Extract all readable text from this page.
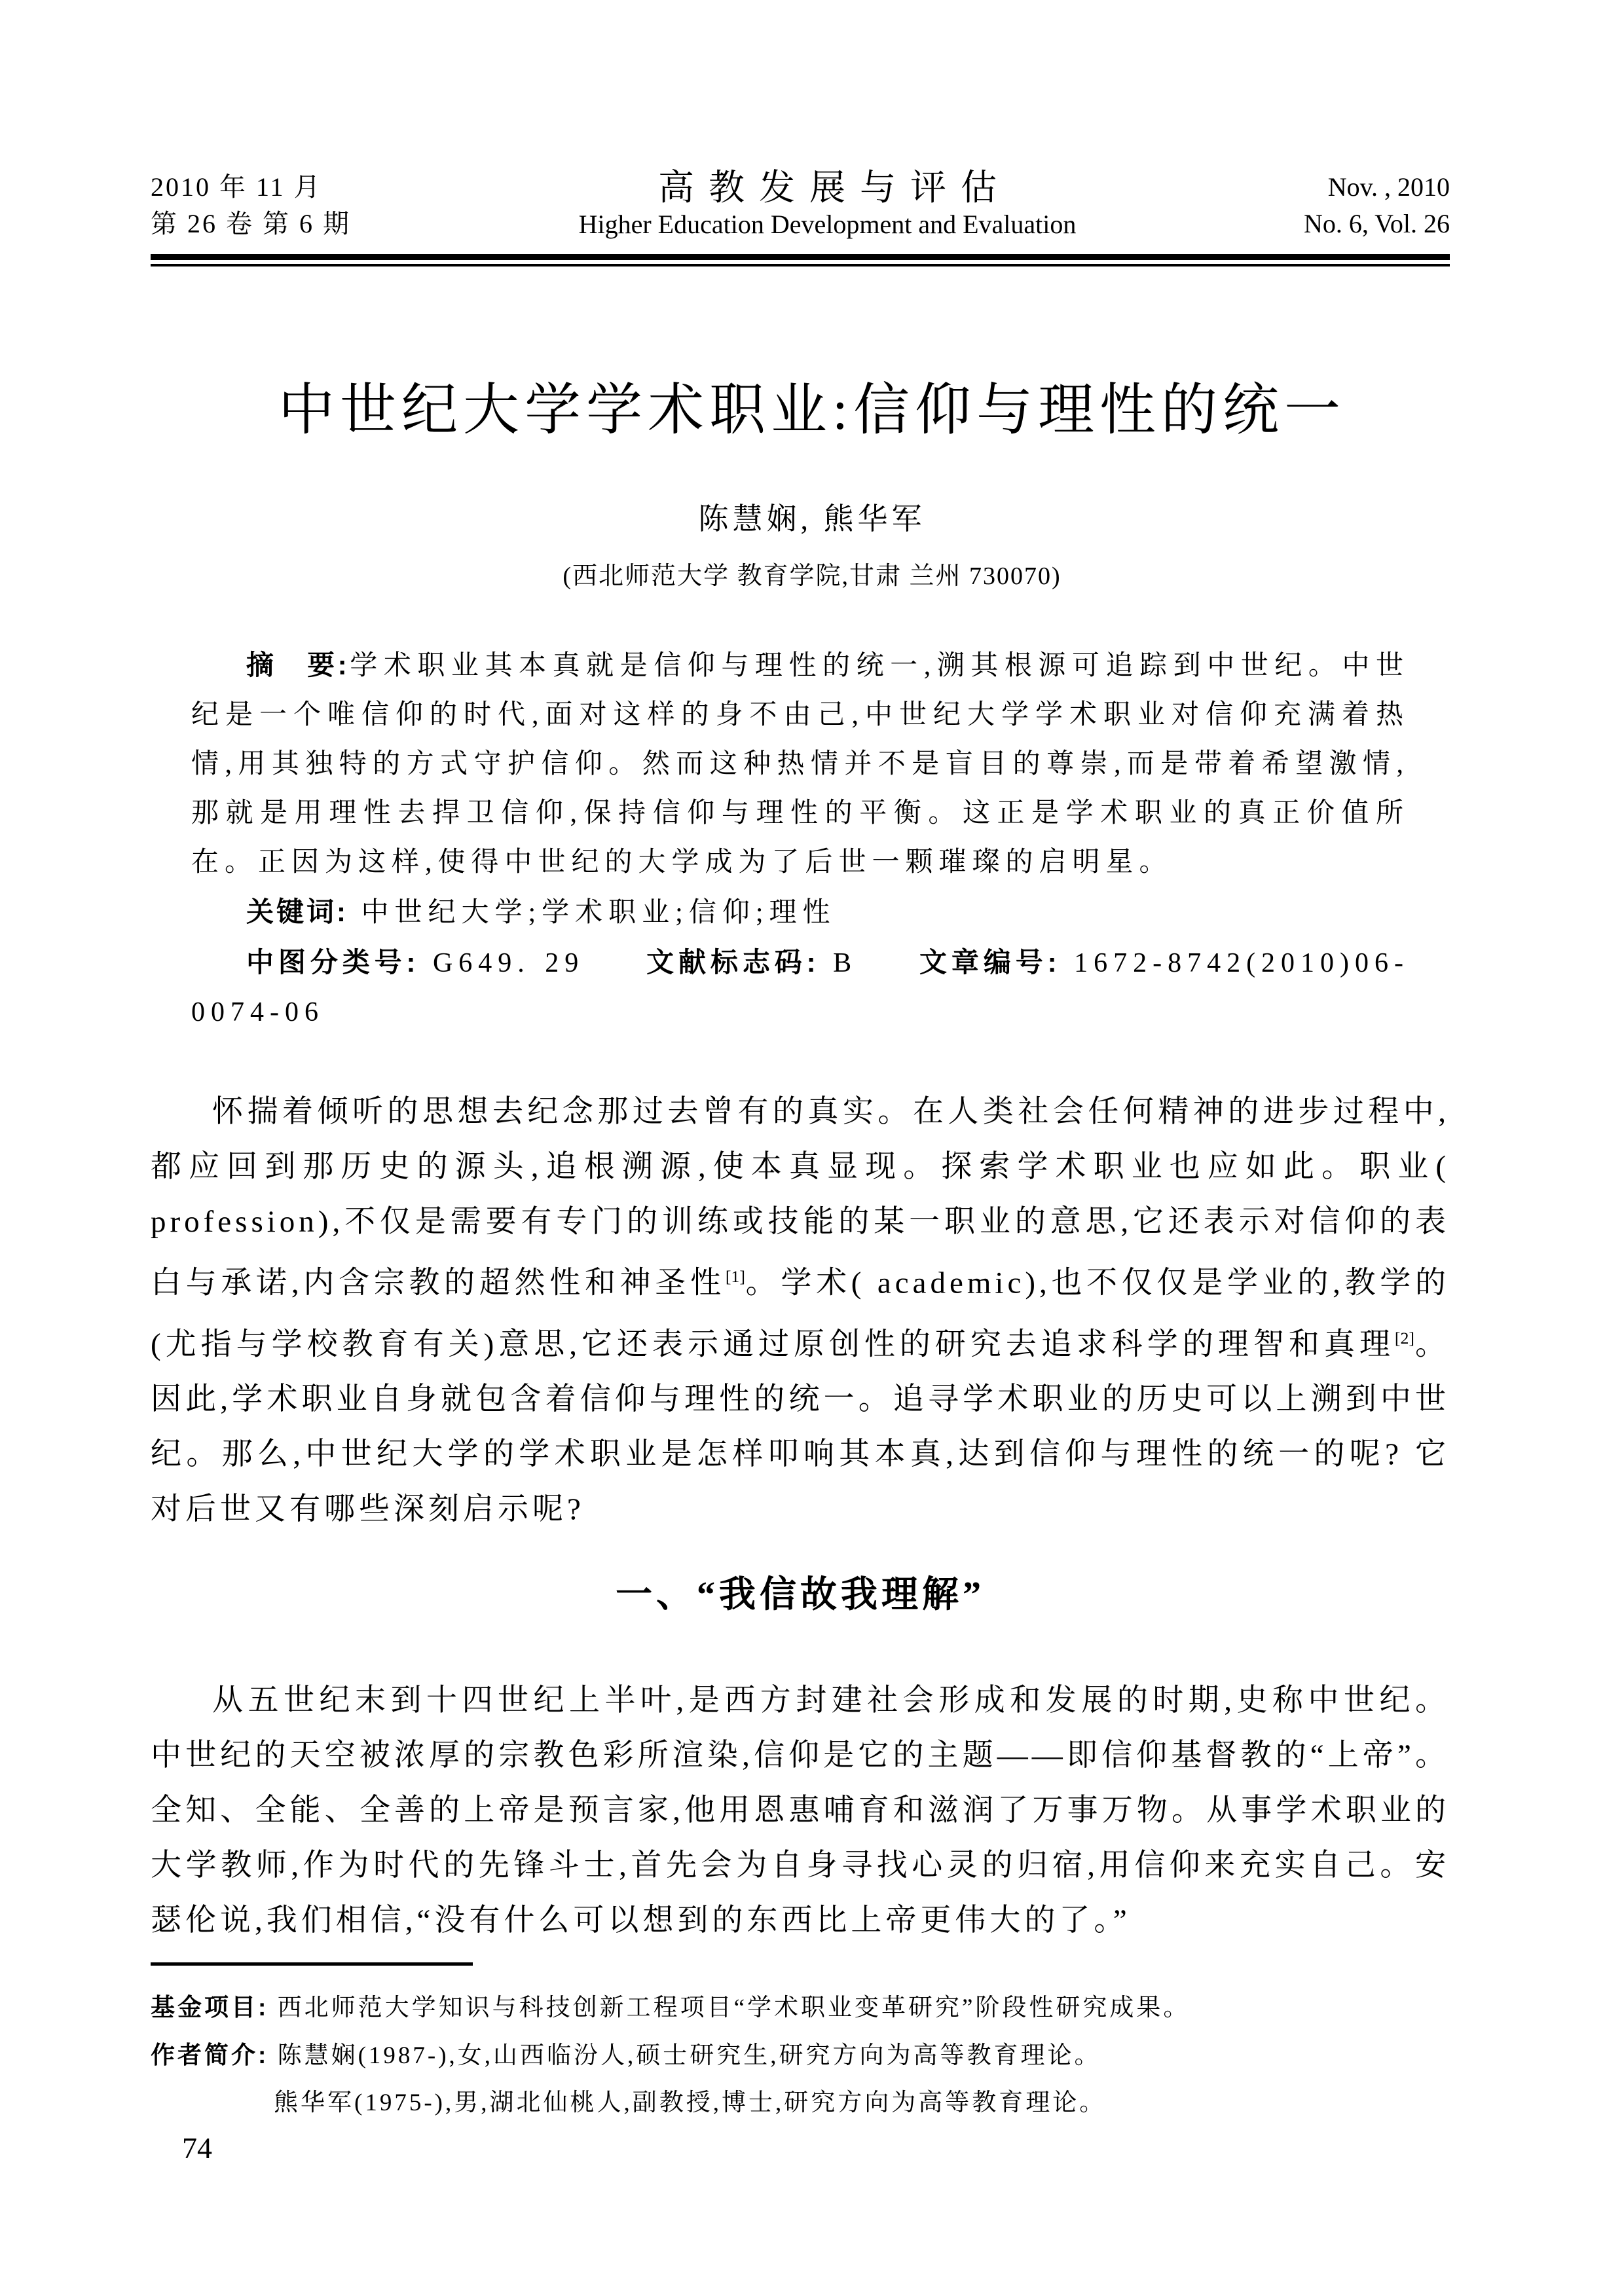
2010 年 11 月
第 26 卷 第 6 期
高教发展与评估
Higher Education Development and Evaluation
Nov. , 2010
No. 6, Vol. 26
中世纪大学学术职业:信仰与理性的统一
陈慧娴, 熊华军
(西北师范大学 教育学院,甘肃 兰州 730070)

摘　要:学术职业其本真就是信仰与理性的统一,溯其根源可追踪到中世纪。中世纪是一个唯信仰的时代,面对这样的身不由己,中世纪大学学术职业对信仰充满着热情,用其独特的方式守护信仰。然而这种热情并不是盲目的尊崇,而是带着希望激情,那就是用理性去捍卫信仰,保持信仰与理性的平衡。这正是学术职业的真正价值所在。正因为这样,使得中世纪的大学成为了后世一颗璀璨的启明星。

关键词: 中世纪大学;学术职业;信仰;理性

中图分类号: G649. 29 文献标志码: B 文章编号: 1672-8742(2010)06-0074-06

怀揣着倾听的思想去纪念那过去曾有的真实。在人类社会任何精神的进步过程中,都应回到那历史的源头,追根溯源,使本真显现。探索学术职业也应如此。职业( profession),不仅是需要有专门的训练或技能的某一职业的意思,它还表示对信仰的表白与承诺,内含宗教的超然性和神圣性[1]。学术( academic),也不仅仅是学业的,教学的(尤指与学校教育有关)意思,它还表示通过原创性的研究去追求科学的理智和真理[2]。因此,学术职业自身就包含着信仰与理性的统一。追寻学术职业的历史可以上溯到中世纪。那么,中世纪大学的学术职业是怎样叩响其本真,达到信仰与理性的统一的呢? 它对后世又有哪些深刻启示呢?

一、“我信故我理解”

从五世纪末到十四世纪上半叶,是西方封建社会形成和发展的时期,史称中世纪。中世纪的天空被浓厚的宗教色彩所渲染,信仰是它的主题——即信仰基督教的“上帝”。全知、全能、全善的上帝是预言家,他用恩惠哺育和滋润了万事万物。从事学术职业的大学教师,作为时代的先锋斗士,首先会为自身寻找心灵的归宿,用信仰来充实自己。安瑟伦说,我们相信,“没有什么可以想到的东西比上帝更伟大的了。”

基金项目: 西北师范大学知识与科技创新工程项目“学术职业变革研究”阶段性研究成果。

作者简介: 陈慧娴(1987-),女,山西临汾人,硕士研究生,研究方向为高等教育理论。

熊华军(1975-),男,湖北仙桃人,副教授,博士,研究方向为高等教育理论。

74
